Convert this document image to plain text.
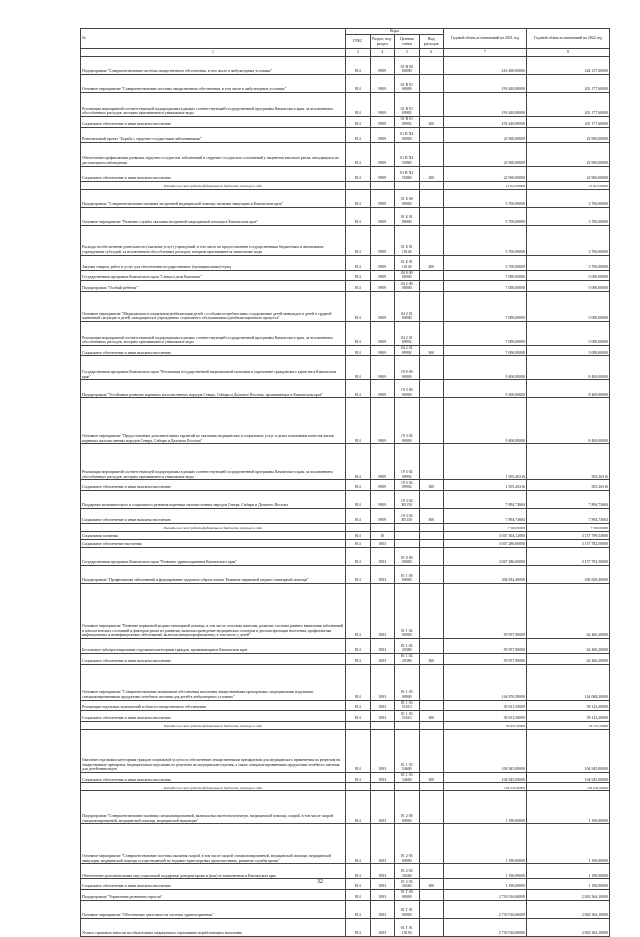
№	Коды				Годовой объем ассигнований на 2021 год	Годовой объем ассигнований на 2022 год
	ГРБС	Раздел, под-раздел	Целевая статья	Вид расходов		
1	3	4	5	6	7	8
Подпрограмма "Совершенствование системы лекарственного обеспечения, в том числе в амбулаторных условиях"	814	0909	01 В 00 00000		216 400,00000	224 137,60000
Основное мероприятие "Совершенствование системы лекарственного обеспечения, в том числе в амбулаторных условиях"	814	0909	01 В 01 00000		193 440,00000	201 177,60000
Реализация мероприятий соответствующей подпрограммы в рамках соответствующей государственной программы Камчатского края, за исключением обособленных расходов, которым присваиваются уникальные коды	814	0909	01 В 01 09992		193 440,00000	201 177,60000
Социальное обеспечение и иные выплаты населению	814	0909	01 В 01 09992	300	193 440,00000	201 177,60000
Региональный проект "Борьба с сердечно-сосудистыми заболеваниями"	814	0909	01 В N2 00000		22 960,00000	22 960,00000
Обеспечение профилактики развития сердечно-сосудистых заболеваний и сердечно-сосудистых осложнений у пациентов высокого риска, находящихся на диспансерном наблюдении	814	0909	01 В N2 55860		22 960,00000	22 960,00000
Социальное обеспечение и иные выплаты населению	814	0909	01 В N2 55860	300	22 960,00000	22 960,00000
Расходы за счет средств федерального бюджета текущего года					21 812,00000	21 812,00000
Подпрограмма "Совершенствование оказания экстренной медицинской помощи, включая эвакуацию в Камчатском крае"	814	0909	01 Б 00 00000		3 700,00000	3 700,00000
Основное мероприятие "Развитие службы оказания экстренной медицинской помощи в Камчатском крае"	814	0909	01 Б 01 00000		3 700,00000	3 700,00000
Расходы на обеспечение деятельности (оказание услуг) учреждений, в том числе на предоставление государственным бюджетным и автономным учреждениям субсидий, за исключением обособленных расходов, которым присваиваются уникальные коды	814	0909	01 Б 01 10140		3 700,00000	3 700,00000
Закупка товаров, работ и услуг для обеспечения государственных (муниципальных) нужд	814	0909	01 Б 01 10140	200	3 700,00000	3 700,00000
Государственная программа Камчатского края "Семья и дети Камчатки"	814	0909	04 0 00 00000		7 000,00000	5 000,00000
Подпрограмма "Особый ребенок"	814	0909	04 2 00 00000		7 000,00000	5 000,00000
Основное мероприятие "Медицинская и социальная реабилитация детей с особыми потребностями, оздоровление детей-инвалидов и детей в трудной жизненной ситуации и детей, находящихся в учреждениях социального обслуживания и реабилитационного процесса"	814	0909	04 2 01 00000		7 000,00000	5 000,00000
Реализация мероприятий соответствующей подпрограммы в рамках соответствующей государственной программы Камчатского края, за исключением обособленных расходов, которым присваиваются уникальные коды	814	0909	04 2 01 09992		7 000,00000	5 000,00000
Социальное обеспечение и иные выплаты населению	814	0909	04 2 01 09992	300	7 000,00000	5 000,00000
Государственная программа Камчатского края "Реализация государственной национальной политики и укрепление гражданского единства в Камчатском крае"	814	0909	19 0 00 00000		9 400,00000	8 400,00000
Подпрограмма "Устойчивое развитие коренных малочисленных народов Севера, Сибири и Дальнего Востока, проживающих в Камчатском крае"	814	0909	19 3 00 00000		9 400,00000	8 400,00000
Основное мероприятие "Предоставление дополнительных гарантий по оказанию медицинских и социальных услуг в целях повышения качества жизни коренных малочисленных народов Севера, Сибири и Дальнего Востока"	814	0909	19 3 02 00000		9 400,00000	8 400,00000
Реализация мероприятий соответствующей подпрограммы в рамках соответствующей государственной программы Камчатского края, за исключением обособленных расходов, которым присваиваются уникальные коды	814	0909	19 3 02 09992		1 505,26316	505,26316
Социальное обеспечение и иные выплаты населению	814	0909	19 3 02 09992	300	1 505,26316	505,26316
Поддержка экономического и социального развития коренных малочисленных народов Севера, Сибири и Дальнего Востока	814	0909	19 3 02 R5150		7 894,73684	7 894,73684
Социальное обеспечение и иные выплаты населению	814	0909	19 3 02 R5150	300	7 894,73684	7 894,73684
Расходы за счет средств федерального бюджета текущего года					7 500,00000	7 500,00000
Социальная политика	814	10			3 047 304,12000	3 157 799,54000
Социальное обеспечение населения	814	1003			3 047 286,00000	3 157 782,50000
Государственная программа Камчатского края "Развитие здравоохранения Камчатского края"	814	1003	01 0 00 00000		3 047 286,00000	3 157 782,50000
Подпрограмма "Профилактика заболеваний и формирование здорового образа жизни. Развитие первичной медико-санитарной помощи"	814	1003	01 1 00 00000		204 834,40000	206 828,40000
Основное мероприятие "Развитие первичной медико-санитарной помощи, в том числе сельским жителям, развитие системы раннего выявления заболеваний и патологических состояний и факторов риска их развития, включая проведение медицинских осмотров и диспансеризации населения, профилактика инфекционных и неинфекционных заболеваний, включая иммунопрофилактику, в том числе у детей"	814	1003	01 1 02 00000		59 957,90000	62 460,20000
Бесплатное зубопротезирование отдельным категориям граждан, проживающим в Камчатском крае	814	1003	01 1 02 20380		59 957,90000	62 460,20000
Социальное обеспечение и иные выплаты населению	814	1003	01 1 02 20380	300	59 957,90000	62 460,20000
Основное мероприятие "Совершенствование механизмов обеспечения населения лекарственными препаратами, медицинскими изделиями, специализированными продуктами лечебного питания для детей в амбулаторных условиях"	814	1003	01 1 03 00000		144 876,50000	144 068,20000
Реализация отдельных полномочий в области лекарственного обеспечения	814	1003	01 1 03 51610		39 631,50000	39 123,20000
Социальное обеспечение и иные выплаты населению	814	1003	01 1 03 51610	300	39 631,50000	39 123,20000
Расходы за счет средств федерального бюджета текущего года					39 631,50000	39 123,20000
Оказание отдельным категориям граждан социальной услуги по обеспечению лекарственными препаратами для медицинского применения по рецептам на лекарственные препараты, медицинскими изделиями по рецептам на медицинские изделия, а также специализированными продуктами лечебного питания для детей-инвалидов	814	1003	01 1 03 54600		104 945,00000	104 945,00000
Социальное обеспечение и иные выплаты населению	814	1003	01 1 03 54600	300	104 945,00000	104 945,00000
Расходы за счет средств федерального бюджета текущего года					104 945,00000	104 945,00000
Подпрограмма "Совершенствование оказания специализированной, включая высокотехнологичную, медицинской помощи, скорой, в том числе скорой специализированной, медицинской помощи, медицинской эвакуации"	814	1003	01 2 00 00000		1 190,00000	1 190,00000
Основное мероприятие "Совершенствование системы оказания скорой, в том числе скорой специализированной, медицинской помощи, медицинской эвакуации, медицинской помощи осуществляемой по подовно-транспортных происшествиях, развитие службы крови"	814	1003	01 2 03 00000		1 190,00000	1 190,00000
Обеспечение дополнительных мер социальной поддержки донорам крови и (или) ее компонентов в Камчатском крае	814	1003	01 2 03 20260		1 190,00000	1 190,00000
Социальное обеспечение и иные выплаты населению	814	1003	01 2 03 20260	300	1 190,00000	1 190,00000
Подпрограмма "Управление развитием отрасли"	814	1003	01 Г 00 00000		2 733 916,60000	2 843 364,10000
Основное мероприятие "Обеспечение деятельности системы здравоохранения"	814	1003	01 Г 01 00000		2 733 916,60000	2 843 364,10000
Уплата страховых взносов на обязательное медицинское страхование неработающего населения	814	1003	01 Г 01 10150		2 733 916,60000	2 843 364,10000
32
